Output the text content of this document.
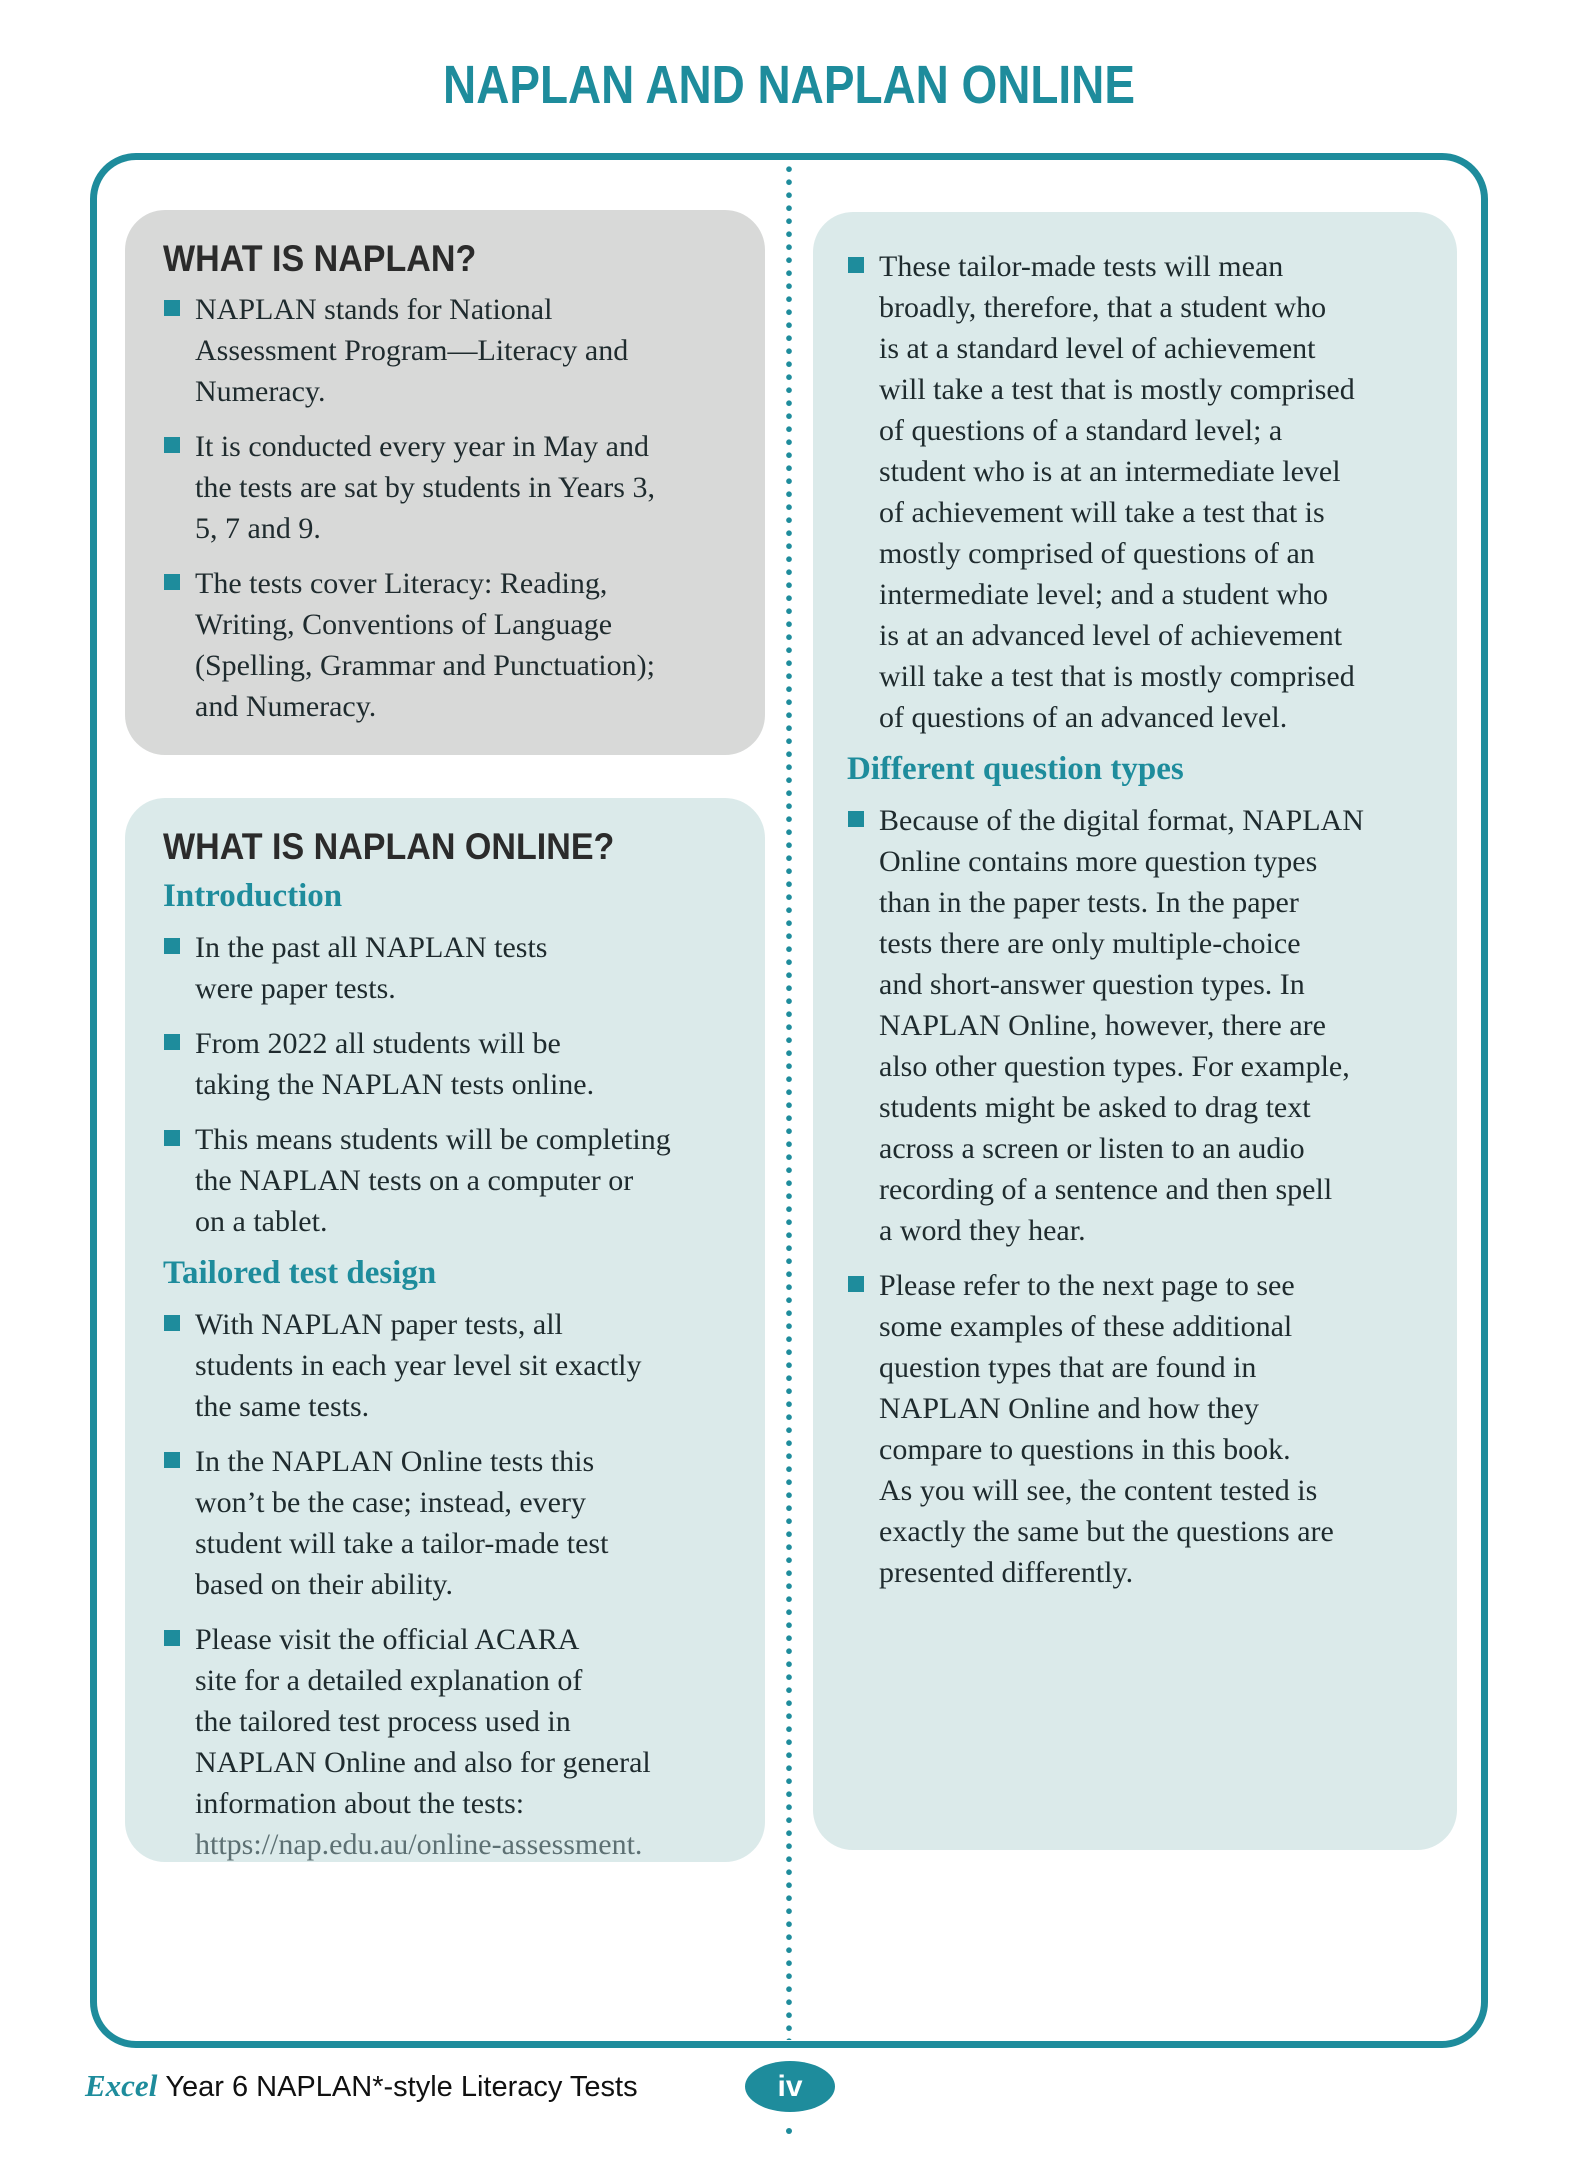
NAPLAN AND NAPLAN ONLINE
WHAT IS NAPLAN?

NAPLAN stands for National
Assessment Program—Literacy and
Numeracy.

It is conducted every year in May and
the tests are sat by students in Years 3,
5, 7 and 9.

The tests cover Literacy: Reading,
Writing, Conventions of Language
(Spelling, Grammar and Punctuation);
and Numeracy.

WHAT IS NAPLAN ONLINE?
Introduction

In the past all NAPLAN tests
were paper tests.

From 2022 all students will be
taking the NAPLAN tests online.

This means students will be completing
the NAPLAN tests on a computer or
on a tablet.

Tailored test design

With NAPLAN paper tests, all
students in each year level sit exactly
the same tests.

In the NAPLAN Online tests this
won’t be the case; instead, every
student will take a tailor-made test
based on their ability.

Please visit the official ACARA
site for a detailed explanation of
the tailored test process used in
NAPLAN Online and also for general
information about the tests:

https://nap.edu.au/online-assessment.

These tailor-made tests will mean
broadly, therefore, that a student who
is at a standard level of achievement
will take a test that is mostly comprised
of questions of a standard level; a
student who is at an intermediate level
of achievement will take a test that is
mostly comprised of questions of an
intermediate level; and a student who
is at an advanced level of achievement
will take a test that is mostly comprised
of questions of an advanced level.

Different question types

Because of the digital format, NAPLAN
Online contains more question types
than in the paper tests. In the paper
tests there are only multiple-choice
and short-answer question types. In
NAPLAN Online, however, there are
also other question types. For example,
students might be asked to drag text
across a screen or listen to an audio
recording of a sentence and then spell
a word they hear.

Please refer to the next page to see
some examples of these additional
question types that are found in
NAPLAN Online and how they
compare to questions in this book.
As you will see, the content tested is
exactly the same but the questions are
presented differently.

Excel Year 6 NAPLAN*-style Literacy Tests	iv
